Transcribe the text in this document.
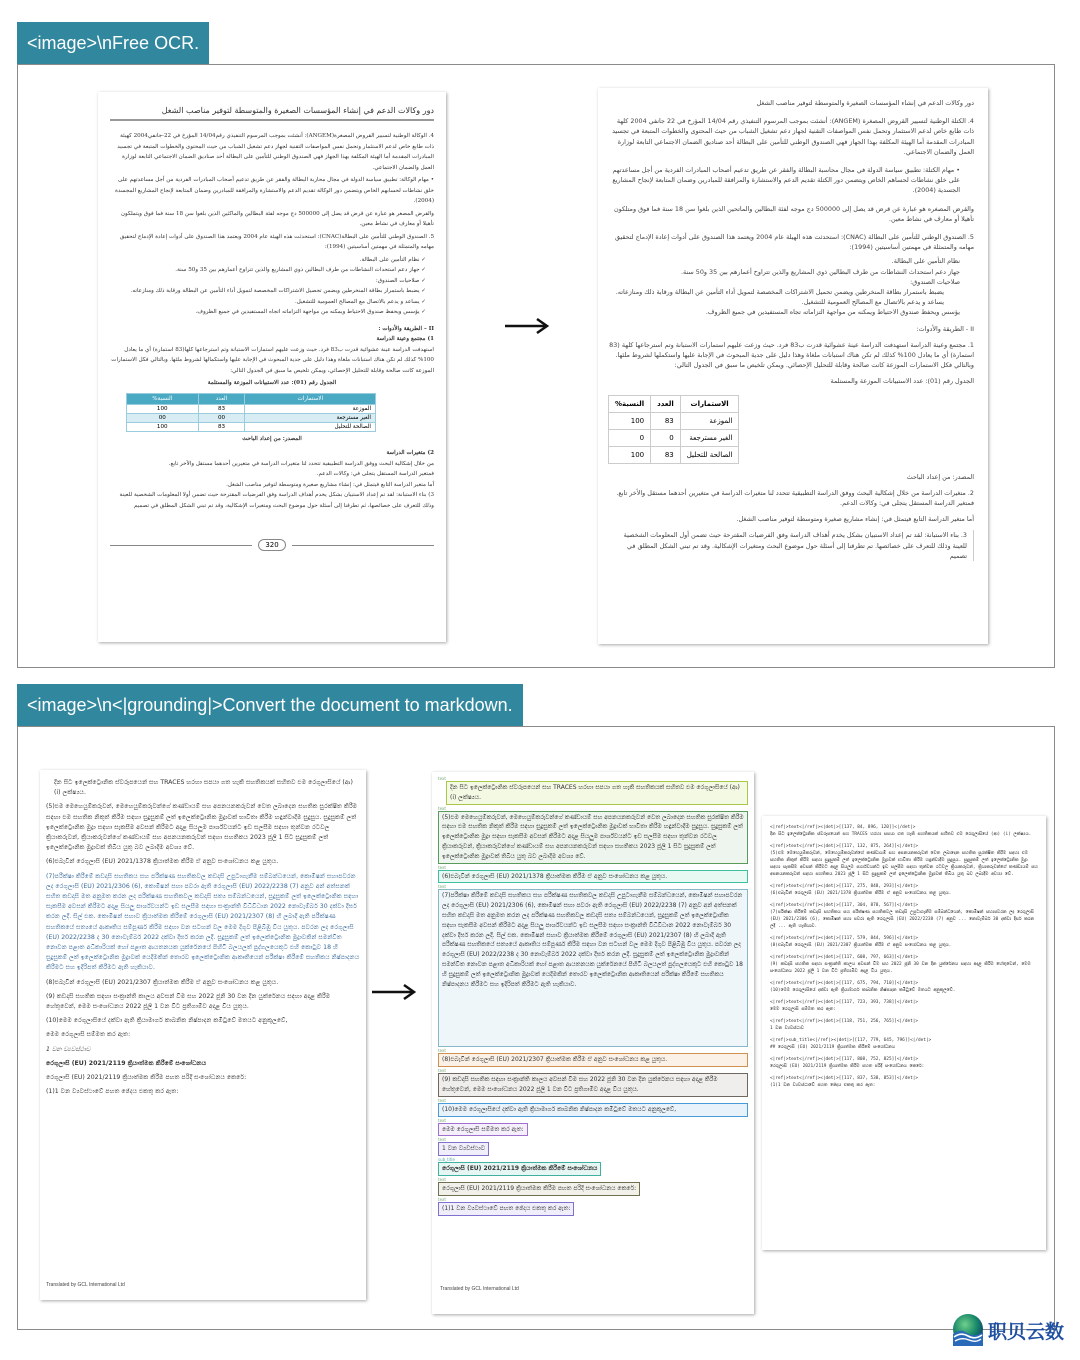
<image>\nFree OCR.
دور وكالات الدعم في إنشاء المؤسسات الصغيرة والمتوسطة لتوفير مناصب الشغل
4. الوكالة الوطنية لتسيير القروض المصغرة(ANGEM): أنشئت بموجب المرسوم التنفيذي رقم14/04 المؤرخ في 22-جانفي2004 كهيئة ذات طابع خاص لدعم الاستثمار وتحمل نفس المواصفات التقنية لجهاز دعم تشغيل الشباب من حيث المحتوى والخطوات المتبعة في تجسيد المبادرات المقدمة أما الهيئة المكلفة بهذا الجهاز فهي الصندوق الوطني للتأمين على البطالة أحد صناديق الضمان الاجتماعي التابعة لوزارة العمل والضمان الاجتماعي.
• مهام الوكالة: تطبيق سياسة الدولة في مجال محاربة البطالة والفقر عن طريق تدعيم أصحاب المبادرات الفردية من أجل مساعدتهم على خلق نشاطات لحسابهم الخاص ويتضمن دور الوكالة تقديم الدعم والاستشارة والمرافقة للمبادرين وضمان المتابعة لإنجاح المشاريع المجسدة (2004).
والقرض المصغر هو عبارة عن قرض قد يصل إلى 500000 دج موجه لفئة البطالين والماكثين الذين بلغوا سن 18 سنة فما فوق ويتملكون تأهيلا أو معارف في نشاط معين.
5. الصندوق الوطني للتأمين على البطالة(CNAC): استحدثت هذه الهيئة عام 2004 ويعتمد هذا الصندوق على أدوات إعادة الإدماج لتحقيق مهامه والمتمثلة في مهمتين أساسيتين (1994):
✓ نظام التأمين على البطالة.
✓ جهاز دعم استحداث النشاطات من طرف البطالين ذوي المشاريع والذين تتراوح أعمارهم بين 35 و50 سنة.
✓ صلاحيات الصندوق:
✓ يضبط باستمرار بطاقة المنخرطين ويضمن تحصيل الاشتراكات المخصصة لتمويل أداء التأمين عن البطالة ورقابة ذلك ومنازعاته.
✓ يساعد و يدعم بالاتصال مع المصالح العمومية للتشغيل.
✓ يؤسس ويحفظ صندوق الاحتياط ويمكنه من مواجهة التزاماته اتجاه المستفيدين في جميع الظروف.
II – الطريقة والأدوات :
1) مجتمع وعينة الدراسة
استهدفت الدراسة عينة عشوائية قدرت ب83 فرد. حيث وزعت عليهم استمارات الاستبانة وتم استرجاعها كلها(83 استمارة) أي ما يعادل 100% كذلك لم تكن هناك استبانات ملغاة وهذا دليل على جدية المبحوث في الإجابة عليها واستكمالها لشروط ملئها. وبالتالي فكل الاستمارات الموزعة كانت صالحة وقابلة للتحليل الإحصائي، ويمكن تلخيص ما سبق في الجدول التالي:
الجدول رقم (01): عدد الاستبيانات الموزعة والمستلمة
الاستمارات	العدد	النسبة%
الموزعة	83	100
الغير مسترجعة	00	00
الصالحة للتحليل	83	100
المصدر: من إعداد الباحث
2) متغيرات الدراسة
من خلال إشكالية البحث ووفق الدراسة التطبيقية تتحدد لنا متغيرات الدراسة في متغيرين أحدهما مستقل والآخر تابع.
فمتغير الدراسة المستقل يتجلى في: وكالات الدعم.
أما متغير الدراسة التابع فيتمثل في: إنشاء مشاريع صغيرة ومتوسطة لتوفير مناصب الشغل.
3) بناء الاستبانة: لقد تم إعداد الاستبيان بشكل يخدم أهداف الدراسة وفق الفرضيات المقترحة حيث تضمن أولا المعلومات الشخصية للعينة وذلك للتعرف على خصائصها، ثم تطرقنا إلى أسئلة حول موضوع البحث ومتغيرات الإشكالية، وقد تم تبني الشكل المطلق في تصميم
320
دور وكالات الدعم في إنشاء المؤسسات الصغيرة والمتوسطة لتوفير مناصب الشغل
4. الكتلة الوطنية لتسيير القروض المصغرة (ANGEM): أنشئت بموجب المرسوم التنفيذي رقم 14/04 المؤرخ في 22 جانفي 2004 كلهة ذات طابع خاص لدعم الاستثمار وتحمل نفس المواصفات التقنية لجهاز دعم تشغيل الشباب من حيث المحتوى والخطوات المتبعة في تجسيد المبادرات المقدمة أما الهيئة المكلفة بهذا الجهاز فهي الصندوق الوطني للتأمين على البطالة أحد صناديق الضمان الاجتماعي التابعة لوزارة العمل والضمان الاجتماعي.
• مهام الكتلة: تطبيق سياسة الدولة في مجال محاسبة البطالة والفقر عن طريق تدعيم أصحاب المبادرات الفردية من أجل مساعدتهم على خلق نشاطات لحساهم الخاص ويتضمن دور الكتلة تقديم الدعم والاستشارة والمرافقة للمبادرين وضمان المتابعة لإنجاح المشاريع الجسدية (2004).
والقرض المصغره هو عبارة عن قرض قد يصل إلى 500000 دج موجه لفئة البطالين والماتحين الذين بلغوا سن 18 سنة فما فوق ومتلكون تأهيلا أو معارف في نشاط معين.
5. الصندوق الوطني للتأمين على البطالة (CNAC): استحدثت هذه الهيلة عام 2004 ويعتمد هذا الصندوق على أدوات إعادة الإدماج لتحقيق مهامه والمتمثلة في مهمتين أساسيتين (1994):
نظام التأمين على البطالة.
جهاز دعم استحداث النشاطات من طرف البطالين ذوي المشاريع والذين تتراوح أعمارهم بين 35 و50 سنة.
صلاحيات الصندوق:
يضبط باستمرار بطاقة المنخرطين ويضمن تحميل الاشتراكات المخصصة لتمويل أداء التأمين عن البطالة ورقابة ذلك ومنازعاته.
يساعد و يدعم بالاتصال مع المصالح العمومية للتشغيل.
يؤسس ويحفظ صندوق الاحتياط ويمكنه من مواجهة التزاماته تجاه المستفيدين في جميع الظروف.
II - الطريقة والأدوات:
1. مجتمع وعينة الدراسة استهدفت الدراسة عينة عشوائية قدرت ب83 فرد. حيث وزعت عليهم استمارات الاستبانة وتم استرجاعها كلهة (83 استمارة) أي ما يعادل 100% كذلك لم تكن هناك استبانات ملغاة وهذا دليل على جدية المبحوث في الإجابة عليها واستكملها لشروط ملئها. وبالتالي فكل الاستمارات الموزعة كانت صالحة وقابلة للتحليل الإحصائي. ويمكن تلخيص ما سبق في الجدول التالي:
الجدول رقم (01): عدد الاستبيانات الموزعة والمستلمة
الاستمارات	العدد	النسبة%
الموزعة	83	100
الغير مسترجعة	0	0
الصالحة للتحليل	83	100
المصدر: من إعداد الباحث
2. متغيرات الدراسة من خلال إشكالية البحث ووفق الدراسة التطبيقية تتحدد لنا متغيرات الدراسة في متغيرين أحدهما مستقل والأخر تابع. فمتغير الدراسة المستقل يتجلى في: وكالات الدعم.
أما متغير الدراسة التابع فيتمثل في: إنشاء مشاريع صغيرة ومتوسطة لتوفير مناصب الشغل.
3. بناء الاستبانة: لقد تم إعداد الاستبيان بشكل يخدم أهداف الدراسة وفق الفرضيات المقترحة حيث تضمن أول المعلومات الشخصية للعينة وذلك للتعرف على خصائصها. تم تطرقنا إلى أسئلة حول موضوع البحث ومتغيرات الإشكالية. وقد تم تبني الشكل المطلق في تصميم
<image>\n<|grounding|>Convert the document to markdown.

දින සිට ඉලෙක්ට්‍රොනික ස්වරූපයෙන් සහ TRACES හරහා සපයා ගත හැකි සහතිකයක් සහිතව එම රෙගුලාසියේ (ආ) (i) ලක්ෂ්‍යය.

(5)එම මෙහෙයුම්කරුවන්, මෙහෙයුම්කරුවන්ගේ කණ්ඩායම් සහ අපනයනකරුවන් වෙත ලබාදෙන සහතික සුරක්ෂිත කිරීම සඳහා එම සහතික නිකුත් කිරීම සඳහා සුදුසුකම් ලත් ඉලෙක්ට්‍රොනික මුද්‍රාවක් භාවිතා කිරීම හඳුන්වාදීම සුදුසුය. සුදුසුකම් ලත් ඉලෙක්ට්‍රොනික මුද්‍රා සඳහා සැකසීම අවසන් කිරීමට අදාළ සියලුම පාර්ශ්වයන්ට ඉඩ සලසීම සඳහා තුන්වන රටවල ක්‍රියාකරුවන්, ක්‍රියාකරුවන්ගේ කණ්ඩායම් සහ අපනයනකරුවන් සඳහා සහතිකය 2023 ජූලි 1 සිට සුදුසුකම් ලත් ඉලෙක්ට්‍රොනික මුද්‍රාවක් තිබිය යුතු බව ලබාදීම අවශ්‍ය වේ.

(6)එබැවින් රෙගුලාසි (EU) 2021/1378 ක්‍රියාත්මක කිරීම ඒ අනුව සංශෝධනය කළ යුතුය.

(7)පරීක්ෂා කිරීමේ කඩදාසි සහතිකය සහ පරීක්ෂණ සහතිකවල කඩදාසි උපුටාගැනීම සම්බන්ධයෙන්, කොමිෂන් සහාපවරන ලද රෙගුලාසි (EU) 2021/2306 (6), කොමිෂන් සහා පවරා ඇති රෙගුලාසි (EU) 2022/2238 (7) අනුව අන් අත්සනක් සහිත කඩදාසි මත අනුමත කරන ලද පරීක්ෂණ සහතිකවල කඩදාසි සත්‍ය සම්බන්ධයෙන්, සුදුසුකම් ලත් ඉලෙක්ට්‍රොනික සඳහා සැකසීම අවසන් කිරීමට අදාළ සියලු පාර්ශ්වයන්ට ඉඩ සලසීම සඳහා සංක්‍රාන්ති විධිවිධාන 2022 නොවැම්බර් 30 දක්වා දීර්ඝ කරන ලදී. සිල් එක. කොමිෂන් සහාව ක්‍රියාත්මක කිරීමේ රෙගුලාසි (EU) 2021/2307 (8) හි ලබාදී ඇති පරීක්ෂණ සහතිකයේ සත්‍යයේ ආකෘතිය සම්පූර්ණ කිරීම සඳහා වන සටහන් වල මෙම දිගුව පිළිබිඹු විය යුතුය. පවරන ලද රෙගුලාසි (EU) 2022/2238 ද 30 නොවැම්බර් 2022 දක්වා දීර්ඝ කරන ලදී. සුදුසුකම් ලත් ඉලෙක්ට්‍රොනික මුද්‍රාවකින් සමන්විත නොවන පළාත අධිකාරියක් හෝ පළාත ආයතනයක යුක්රේනයේ පිහිටි බලයලත් පුද්ගලයෙකුට එහි කොටුව 18 හි සුදුසුකම් ලත් ඉලෙක්ට්‍රොනික මුද්‍රාවක් යෙදීමකින් තොරව ඉලෙක්ට්‍රොනික ආකෘතියෙන් පරීක්ෂා කිරීමේ සහතිකය නිෂ්පාදනය කිරීමට සහ ඉදිරිපත් කිරීමට ඇති හැකියාව.

(8)එබැවින් රෙගුලාසි (EU) 2021/2307 ක්‍රියාත්මක කිරීම ඒ අනුව සංශෝධනය කළ යුතුය.

(9) කඩදාසි සහතික සඳහා සංක්‍රාන්ති කාලය අවසන් වීම සහ 2022 ජූනි 30 වන දින යුක්රේනය සඳහා අදාළ කිරීම හේතුවෙන්, මෙම සංශෝධනය 2022 ජූලි 1 වන විට ප්‍රතිගාමීව අදාළ විය යුතුය.

(10)මෙම රෙගුලාසියේ දක්වා ඇති ක්‍රියාමාර්ග කාබනික නිෂ්පාදන කමිටුවේ මතයට අනුකූලවේ,

මෙම රෙගුලාසි සම්මත කර ඇත:

1 වන ව්‍යවස්ථාව

රෙගුලාසි (EU) 2021/2119 ක්‍රියාත්මක කිරීමේ සංශෝධනය

රෙගුලාසි (EU) 2021/2119 ක්‍රියාත්මක කිරීම පහත පරිදි සංශෝධනය කෙරේ:

(1)1 වන ව්‍යවස්ථාවේ පහත ඡේදය එකතු කර ඇත:

Translated by GCL International Ltd
text
දින සිට ඉලෙක්ට්‍රොනික ස්වරූපයෙන් සහ TRACES හරහා සපයා ගත හැකි සහතිකයක් සහිතව එම රෙගුලාසියේ (ආ) (i) ලක්ෂ්‍යය.
text
(5)එම මෙහෙයුම්කරුවන්, මෙහෙයුම්කරුවන්ගේ කණ්ඩායම් සහ අපනයනකරුවන් වෙත ලබාදෙන සහතික සුරක්ෂිත කිරීම සඳහා එම සහතික නිකුත් කිරීම සඳහා සුදුසුකම් ලත් ඉලෙක්ට්‍රොනික මුද්‍රාවක් භාවිතා කිරීම හඳුන්වාදීම සුදුසුය. සුදුසුකම් ලත් ඉලෙක්ට්‍රොනික මුද්‍රා සඳහා සැකසීම අවසන් කිරීමට අදාළ සියලුම පාර්ශ්වයන්ට ඉඩ සලසීම සඳහා තුන්වන රටවල ක්‍රියාකරුවන්, ක්‍රියාකරුවන්ගේ කණ්ඩායම් සහ අපනයනකරුවන් සඳහා සහතිකය 2023 ජූලි 1 සිට සුදුසුකම් ලත් ඉලෙක්ට්‍රොනික මුද්‍රාවක් තිබිය යුතු බව ලබාදීම අවශ්‍ය වේ.
text
(6)එබැවින් රෙගුලාසි (EU) 2021/1378 ක්‍රියාත්මක කිරීම ඒ අනුව සංශෝධනය කළ යුතුය.
text
(7)පරීක්ෂා කිරීමේ කඩදාසි සහතිකය සහ පරීක්ෂණ සහතිකවල කඩදාසි උපුටාගැනීම සම්බන්ධයෙන්, කොමිෂන් සහාපවරන ලද රෙගුලාසි (EU) 2021/2306 (6), කොමිෂන් සහා පවරා ඇති රෙගුලාසි (EU) 2022/2238 (7) අනුව අන් අත්සනක් සහිත කඩදාසි මත අනුමත කරන ලද පරීක්ෂණ සහතිකවල කඩදාසි සත්‍ය සම්බන්ධයෙන්, සුදුසුකම් ලත් ඉලෙක්ට්‍රොනික සඳහා සැකසීම අවසන් කිරීමට අදාළ සියලු පාර්ශ්වයන්ට ඉඩ සලසීම සඳහා සංක්‍රාන්ති විධිවිධාන 2022 නොවැම්බර් 30 දක්වා දීර්ඝ කරන ලදී. සිල් එක. කොමිෂන් සහාව ක්‍රියාත්මක කිරීමේ රෙගුලාසි (EU) 2021/2307 (8) හි ලබාදී ඇති පරීක්ෂණ සහතිකයේ සත්‍යයේ ආකෘතිය සම්පූර්ණ කිරීම සඳහා වන සටහන් වල මෙම දිගුව පිළිබිඹු විය යුතුය. පවරන ලද රෙගුලාසි (EU) 2022/2238 ද 30 නොවැම්බර් 2022 දක්වා දීර්ඝ කරන ලදී. සුදුසුකම් ලත් ඉලෙක්ට්‍රොනික මුද්‍රාවකින් සමන්විත නොවන පළාත අධිකාරියක් හෝ පළාත ආයතනයක යුක්රේනයේ පිහිටි බලයලත් පුද්ගලයෙකුට එහි කොටුව 18 හි සුදුසුකම් ලත් ඉලෙක්ට්‍රොනික මුද්‍රාවක් යෙදීමකින් තොරව ඉලෙක්ට්‍රොනික ආකෘතියෙන් පරීක්ෂා කිරීමේ සහතිකය නිෂ්පාදනය කිරීමට සහ ඉදිරිපත් කිරීමට ඇති හැකියාව.
text
(8)එබැවින් රෙගුලාසි (EU) 2021/2307 ක්‍රියාත්මක කිරීම ඒ අනුව සංශෝධනය කළ යුතුය.
text
(9) කඩදාසි සහතික සඳහා සංක්‍රාන්ති කාලය අවසන් වීම සහ 2022 ජූනි 30 වන දින යුක්රේනය සඳහා අදාළ කිරීම හේතුවෙන්, මෙම සංශෝධනය 2022 ජූලි 1 වන විට ප්‍රතිගාමීව අදාළ විය යුතුය.
text
(10)මෙම රෙගුලාසියේ දක්වා ඇති ක්‍රියාමාර්ග කාබනික නිෂ්පාදන කමිටුවේ මතයට අනුකූලවේ,
text
මෙම රෙගුලාසි සම්මත කර ඇත:
text
1 වන ව්‍යවස්ථාව
sub_title
රෙගුලාසි (EU) 2021/2119 ක්‍රියාත්මක කිරීමේ සංශෝධනය
text
රෙගුලාසි (EU) 2021/2119 ක්‍රියාත්මක කිරීම පහත පරිදි සංශෝධනය කෙරේ:
text
(1)1 වන ව්‍යවස්ථාවේ පහත ඡේදය එකතු කර ඇත:
Translated by GCL International Ltd

<|ref|>text<|/ref|><|det|>[[137, 84, 896, 120]]<|/det|>
දින සිට ඉලෙක්ට්‍රොනික ස්වරූපයෙන් සහ TRACES හරහා සපයා ගත හැකි සහතිකයක් සහිතව එම රෙගුලාසියේ (ආ) (i) ලක්ෂ්‍යය.

<|ref|>text<|/ref|><|det|>[[117, 132, 875, 264]]<|/det|>
(5)එම මෙහෙයුම්කරුවන්, මෙහෙයුම්කරුවන්ගේ කණ්ඩායම් සහ අපනයනකරුවන් වෙත ලබාදෙන සහතික සුරක්ෂිත කිරීම සඳහා එම සහතික නිකුත් කිරීම සඳහා සුදුසුකම් ලත් ඉලෙක්ට්‍රොනික මුද්‍රාවක් භාවිතා කිරීම හඳුන්වාදීම සුදුසුය. සුදුසුකම් ලත් ඉලෙක්ට්‍රොනික මුද්‍රා සඳහා සැකසීම අවසන් කිරීමට අදාළ සියලුම පාර්ශ්වයන්ට ඉඩ සලසීම සඳහා තුන්වන රටවල ක්‍රියාකරුවන්, ක්‍රියාකරුවන්ගේ කණ්ඩායම් සහ අපනයනකරුවන් සඳහා සහතිකය 2023 ජූලි 1 සිට සුදුසුකම් ලත් ඉලෙක්ට්‍රොනික මුද්‍රාවක් තිබිය යුතු බව ලබාදීම අවශ්‍ය වේ.

<|ref|>text<|/ref|><|det|>[[117, 275, 848, 293]]<|/det|>
(6)එබැවින් රෙගුලාසි (EU) 2021/1378 ක්‍රියාත්මක කිරීම ඒ අනුව සංශෝධනය කළ යුතුය.

<|ref|>text<|/ref|><|det|>[[117, 304, 878, 567]]<|/det|>
(7)පරීක්ෂා කිරීමේ කඩදාසි සහතිකය සහ පරීක්ෂණ සහතිකවල කඩදාසි උපුටාගැනීම සම්බන්ධයෙන්, කොමිෂන් සහාපවරන ලද රෙගුලාසි (EU) 2021/2306 (6), කොමිෂන් සහා පවරා ඇති රෙගුලාසි (EU) 2022/2238 (7) අනුව ... නොවැම්බර් 30 දක්වා දීර්ඝ කරන ලදී ... ඇති හැකියාව.

<|ref|>text<|/ref|><|det|>[[117, 579, 844, 596]]<|/det|>
(8)එබැවින් රෙගුලාසි (EU) 2021/2307 ක්‍රියාත්මක කිරීම ඒ අනුව සංශෝධනය කළ යුතුය.

<|ref|>text<|/ref|><|det|>[[117, 608, 797, 663]]<|/det|>
(9) කඩදාසි සහතික සඳහා සංක්‍රාන්ති කාලය අවසන් වීම සහ 2022 ජූනි 30 වන දින යුක්රේනය සඳහා අදාළ කිරීම හේතුවෙන්, මෙම සංශෝධනය 2022 ජූලි 1 වන විට ප්‍රතිගාමීව අදාළ විය යුතුය.

<|ref|>text<|/ref|><|det|>[[117, 675, 794, 710]]<|/det|>
(10)මෙම රෙගුලාසියේ දක්වා ඇති ක්‍රියාමාර්ග කාබනික නිෂ්පාදන කමිටුවේ මතයට අනුකූලවේ.

<|ref|>text<|/ref|><|det|>[[117, 723, 393, 738]]<|/det|>
මෙම රෙගුලාසි සම්මත කර ඇත:

<|ref|>text<|/ref|><|det|>[[118, 751, 256, 765]]<|/det|>
1 වන ව්‍යවස්ථාව

<|ref|>sub_title<|/ref|><|det|>[[117, 779, 645, 796]]<|/det|>
## රෙගුලාසි (EU) 2021/2119 ක්‍රියාත්මක කිරීමේ සංශෝධනය

<|ref|>text<|/ref|><|det|>[[117, 808, 752, 825]]<|/det|>
රෙගුලාසි (EU) 2021/2119 ක්‍රියාත්මක කිරීම පහත පරිදි සංශෝධනය කෙරේ:

<|ref|>text<|/ref|><|det|>[[117, 837, 538, 853]]<|/det|>
(1)1 වන ව්‍යවස්ථාවේ පහත ඡේදය එකතු කර ඇත:

职贝云数
